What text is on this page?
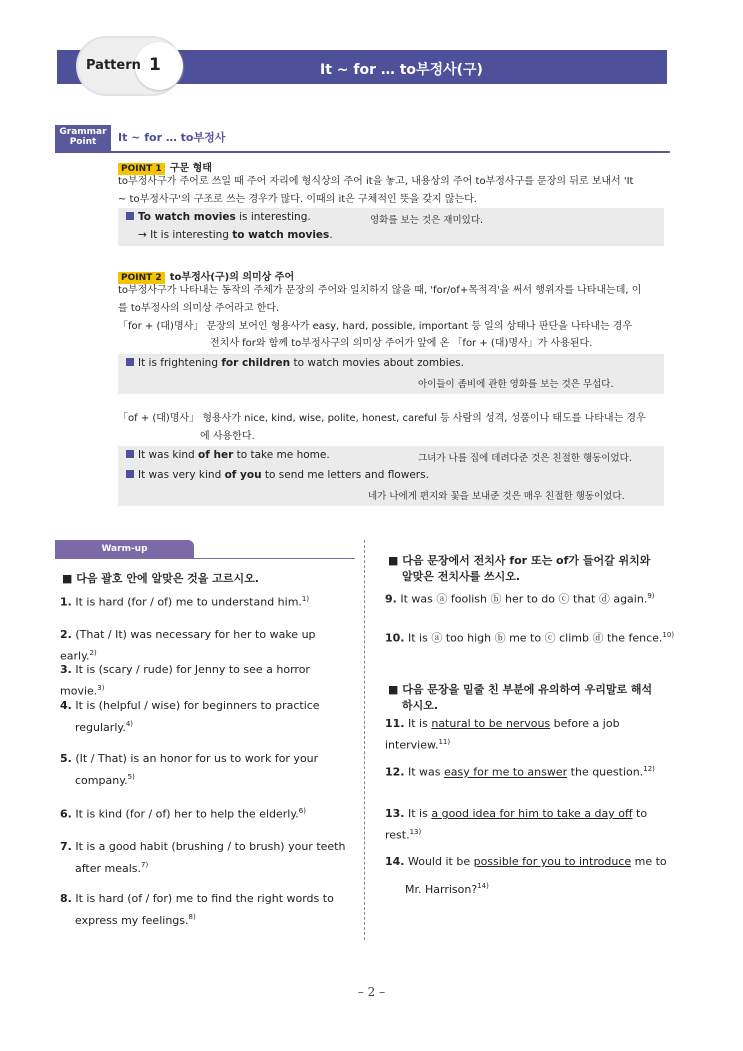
Pattern 1	It ~ for … to부정사(구)
Grammar
Point	It ~ for … to부정사
POINT 1 구문 형태
to부정사구가 주어로 쓰일 때 주어 자리에 형식상의 주어 it을 놓고, 내용상의 주어 to부정사구를 문장의 뒤로 보내서 'It
~ to부정사구'의 구조로 쓰는 경우가 많다. 이때의 it은 구체적인 뜻을 갖지 않는다.
To watch movies is interesting.	영화를 보는 것은 재미있다.
→ It is interesting to watch movies.
POINT 2 to부정사(구)의 의미상 주어
to부정사구가 나타내는 동작의 주체가 문장의 주어와 일치하지 않을 때, 'for/of+목적격'을 써서 행위자를 나타내는데, 이
를 to부정사의 의미상 주어라고 한다.
「for + (대)명사」 문장의 보어인 형용사가 easy, hard, possible, important 등 일의 상태나 판단을 나타내는 경우
전치사 for와 함께 to부정사구의 의미상 주어가 앞에 온 「for + (대)명사」가 사용된다.
It is frightening for children to watch movies about zombies.
아이들이 좀비에 관한 영화를 보는 것은 무섭다.
「of + (대)명사」 형용사가 nice, kind, wise, polite, honest, careful 등 사람의 성격, 성품이나 태도를 나타내는 경우
에 사용한다.
It was kind of her to take me home.	그녀가 나를 집에 데려다준 것은 친절한 행동이었다.
It was very kind of you to send me letters and flowers.
네가 나에게 편지와 꽃을 보내준 것은 매우 친절한 행동이었다.
Warm-up
■ 다음 괄호 안에 알맞은 것을 고르시오.
1. It is hard (for / of) me to understand him.$^{1)}$
2. (That / It) was necessary for her to wake up early.$^{2)}$
3. It is (scary / rude) for Jenny to see a horror movie.$^{3)}$
4. It is (helpful / wise) for beginners to practice
regularly.$^{4)}$
5. (It / That) is an honor for us to work for your
company.$^{5)}$
6. It is kind (for / of) her to help the elderly.$^{6)}$
7. It is a good habit (brushing / to brush) your teeth
after meals.$^{7)}$
8. It is hard (of / for) me to find the right words to
express my feelings.$^{8)}$
■ 다음 문장에서 전치사 for 또는 of가 들어갈 위치와
알맞은 전치사를 쓰시오.
9. It was ⓐ foolish ⓑ her to do ⓒ that ⓓ again.$^{9)}$
10. It is ⓐ too high ⓑ me to ⓒ climb ⓓ the fence.$^{10)}$
■ 다음 문장을 밑줄 친 부분에 유의하여 우리말로 해석
하시오.
11. It is natural to be nervous before a job interview.$^{11)}$
12. It was easy for me to answer the question.$^{12)}$
13. It is a good idea for him to take a day off to rest.$^{13)}$
14. Would it be possible for you to introduce me to
Mr. Harrison?$^{14)}$
– 2 –
